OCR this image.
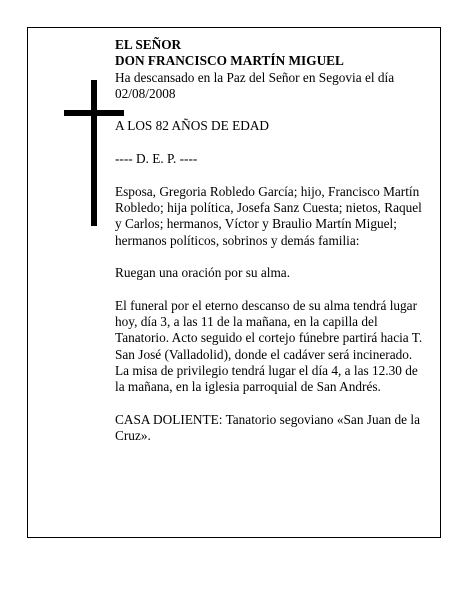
EL SEÑOR
DON FRANCISCO MARTÍN MIGUEL
Ha descansado en la Paz del Señor en Segovia el día 02/08/2008
A LOS 82 AÑOS DE EDAD
---- D. E. P. ----
Esposa, Gregoria Robledo García; hijo, Francisco Martín Robledo; hija política, Josefa Sanz Cuesta; nietos, Raquel y Carlos; hermanos, Víctor y Braulio Martín Miguel; hermanos políticos, sobrinos y demás familia:
Ruegan una oración por su alma.
El funeral por el eterno descanso de su alma tendrá lugar hoy, día 3, a las 11 de la mañana, en la capilla del Tanatorio. Acto seguido el cortejo fúnebre partirá hacia T. San José (Valladolid), donde el cadáver será incinerado. La misa de privilegio tendrá lugar el día 4, a las 12.30 de la mañana, en la iglesia parroquial de San Andrés.
CASA DOLIENTE: Tanatorio segoviano «San Juan de la Cruz».
